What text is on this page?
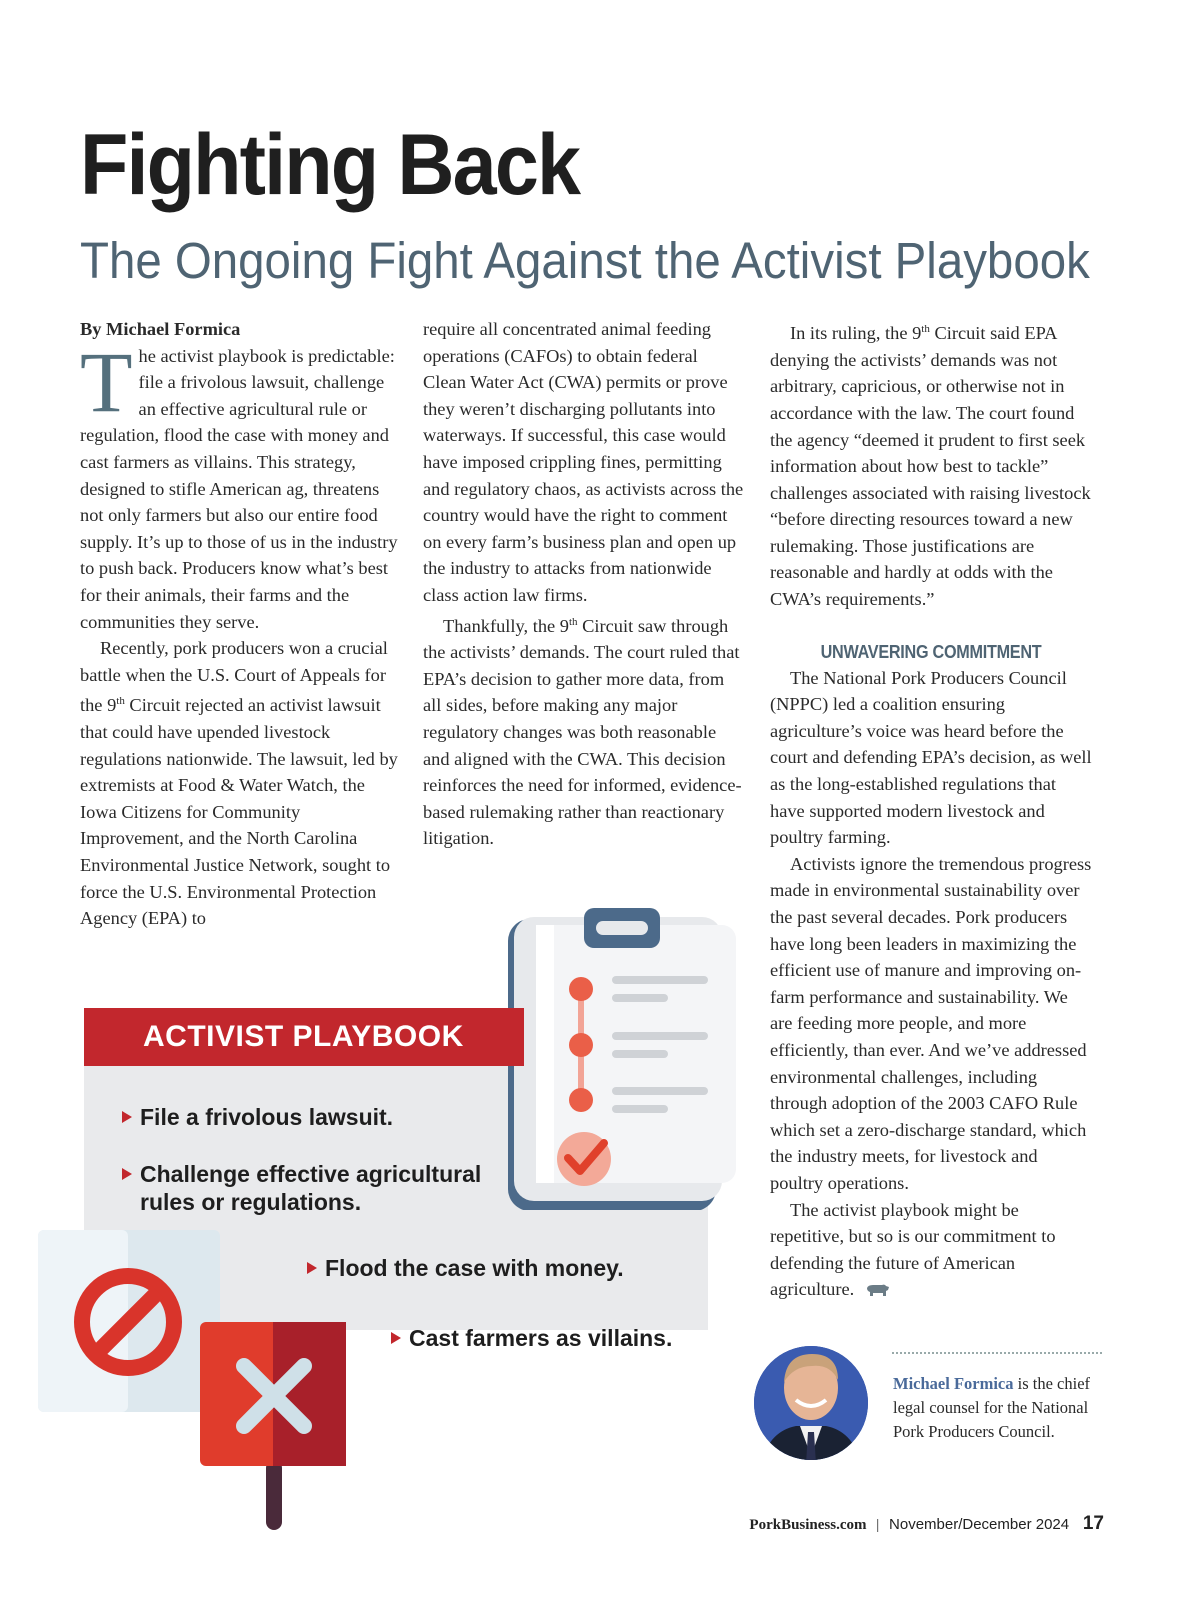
Fighting Back
The Ongoing Fight Against the Activist Playbook

By Michael Formica

The activist playbook is predictable: file a frivolous lawsuit, challenge an effective agricultural rule or regulation, flood the case with money and cast farmers as villains. This strategy, designed to stifle American ag, threatens not only farmers but also our entire food supply. It’s up to those of us in the industry to push back. Producers know what’s best for their animals, their farms and the communities they serve.

Recently, pork producers won a crucial battle when the U.S. Court of Appeals for the 9th Circuit rejected an activist lawsuit that could have upended livestock regulations nationwide. The lawsuit, led by extremists at Food & Water Watch, the Iowa Citizens for Community Improvement, and the North Carolina Environmental Justice Network, sought to force the U.S. Environmental Protection Agency (EPA) to

require all concentrated animal feeding operations (CAFOs) to obtain federal Clean Water Act (CWA) permits or prove they weren’t discharging pollutants into waterways. If successful, this case would have imposed crippling fines, permitting and regulatory chaos, as activists across the country would have the right to comment on every farm’s business plan and open up the industry to attacks from nationwide class action law firms.

Thankfully, the 9th Circuit saw through the activists’ demands. The court ruled that EPA’s decision to gather more data, from all sides, before making any major regulatory changes was both reasonable and aligned with the CWA. This decision reinforces the need for informed, evidence-based rulemaking rather than reactionary litigation.

In its ruling, the 9th Circuit said EPA denying the activists’ demands was not arbitrary, capricious, or otherwise not in accordance with the law. The court found the agency “deemed it prudent to first seek information about how best to tackle” challenges associated with raising livestock “before directing resources toward a new rulemaking. Those justifications are reasonable and hardly at odds with the CWA’s requirements.”

UNWAVERING COMMITMENT

The National Pork Producers Council (NPPC) led a coalition ensuring agriculture’s voice was heard before the court and defending EPA’s decision, as well as the long-established regulations that have supported modern livestock and poultry farming.

Activists ignore the tremendous progress made in environmental sustainability over the past several decades. Pork producers have long been leaders in maximizing the efficient use of manure and improving on-farm performance and sustainability. We are feeding more people, and more efficiently, than ever. And we’ve addressed environmental challenges, including through adoption of the 2003 CAFO Rule which set a zero-discharge standard, which the industry meets, for livestock and poultry operations.

The activist playbook might be repetitive, but so is our commitment to defending the future of American agriculture.

ACTIVIST PLAYBOOK
File a frivolous lawsuit.
Challenge effective agricultural rules or regulations.
Flood the case with money.
Cast farmers as villains.
Michael Formica is the chief legal counsel for the National Pork Producers Council.
PorkBusiness.com | November/December 2024 17
